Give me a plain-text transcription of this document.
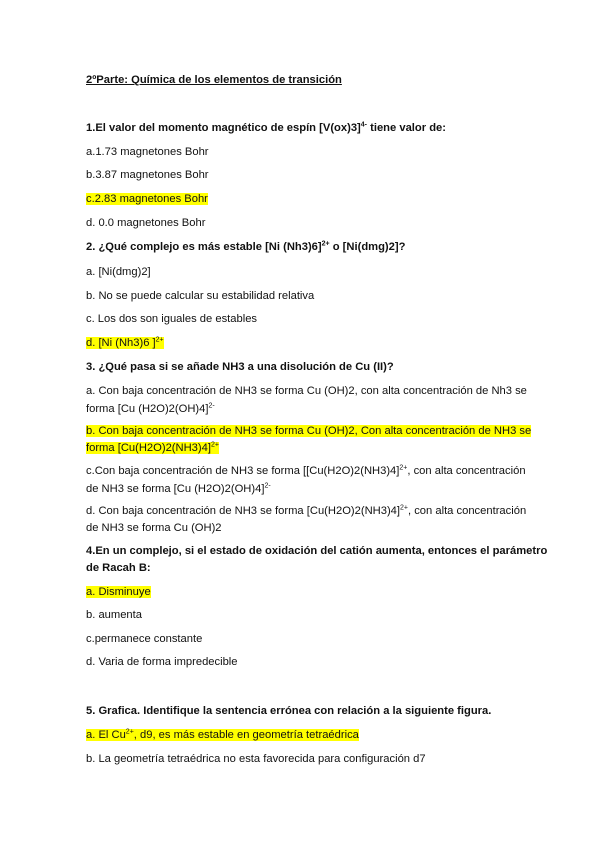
2ºParte: Química de los elementos de transición
1.El valor del momento magnético de espín $[V(ox)3]^{4-}$ tiene valor de:
a.1.73 magnetones Bohr
b.3.87 magnetones Bohr
c.2.83 magnetones Bohr
d. 0.0 magnetones Bohr
2. ¿Qué complejo es más estable [Ni (Nh3)6]$^{2+}$ o [Ni(dmg)2]?
a. [Ni(dmg)2]
b. No se puede calcular su estabilidad relativa
c. Los dos son iguales de estables
d. [Ni (Nh3)6 ]$^{2+}$
3. ¿Qué pasa si se añade NH3 a una disolución de Cu (II)?
a. Con baja concentración de NH3 se forma Cu (OH)2, con alta concentración de Nh3 se
forma [Cu (H2O)2(OH)4]$^{2-}$
b. Con baja concentración de NH3 se forma Cu (OH)2, Con alta concentración de NH3 se
forma $[Cu(H2O)2(NH3)4]^{2+}$
c.Con baja concentración de NH3 se forma [$[Cu(H2O)2(NH3)4]^{2+}$, con alta concentración
de NH3 se forma [Cu (H2O)2(OH)4]$^{2-}$
d. Con baja concentración de NH3 se forma $[Cu(H2O)2(NH3)4]^{2+}$, con alta concentración
de NH3 se forma Cu (OH)2
4.En un complejo, si el estado de oxidación del catión aumenta, entonces el parámetro
de Racah B:
a. Disminuye
b. aumenta
c.permanece constante
d. Varia de forma impredecible
5. Grafica. Identifique la sentencia errónea con relación a la siguiente figura.
a. El $Cu^{2+}$, d9, es más estable en geometría tetraédrica
b. La geometría tetraédrica no esta favorecida para configuración d7
